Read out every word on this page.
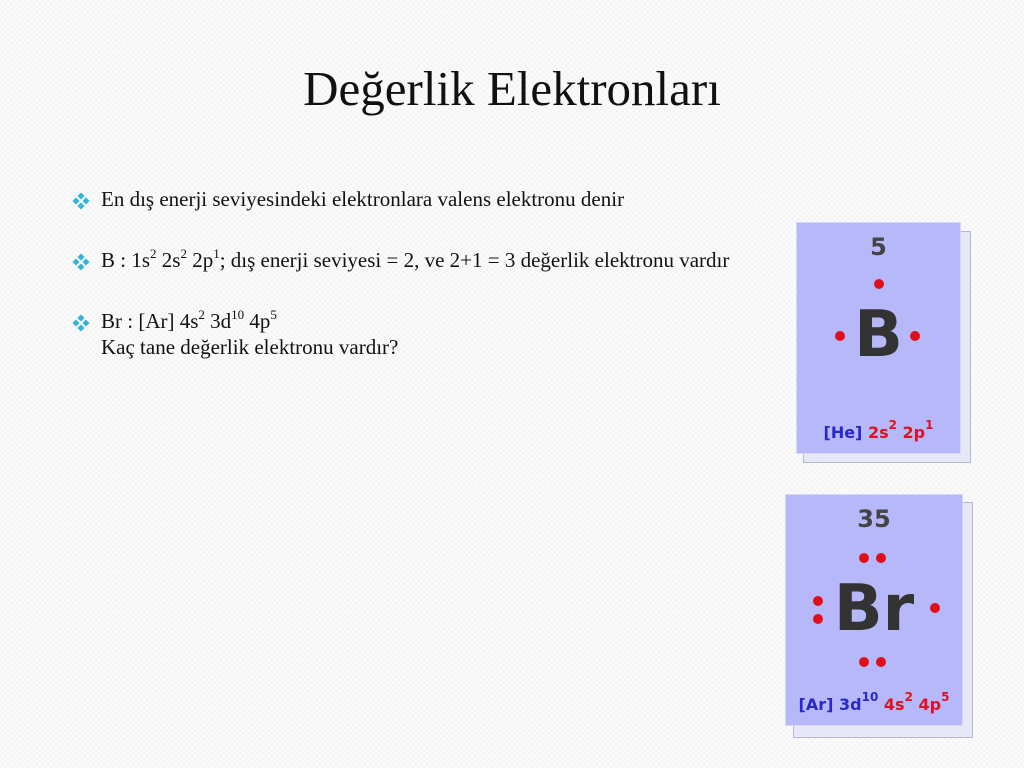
Değerlik Elektronları
En dış enerji seviyesindeki elektronlara valens elektronu denir
B : $1s^2$ $2s^2$ $2p^1$; dış enerji seviyesi = 2, ve 2+1 = 3 değerlik elektronu vardır
Br : [Ar] $4s^2$ $3d^{10}$ $4p^5$
Kaç tane değerlik elektronu vardır?
5
B
[He] $2s^2$ $2p^1$
35
Br
[Ar] $3d^{10}$ $4s^2$ $4p^5$
